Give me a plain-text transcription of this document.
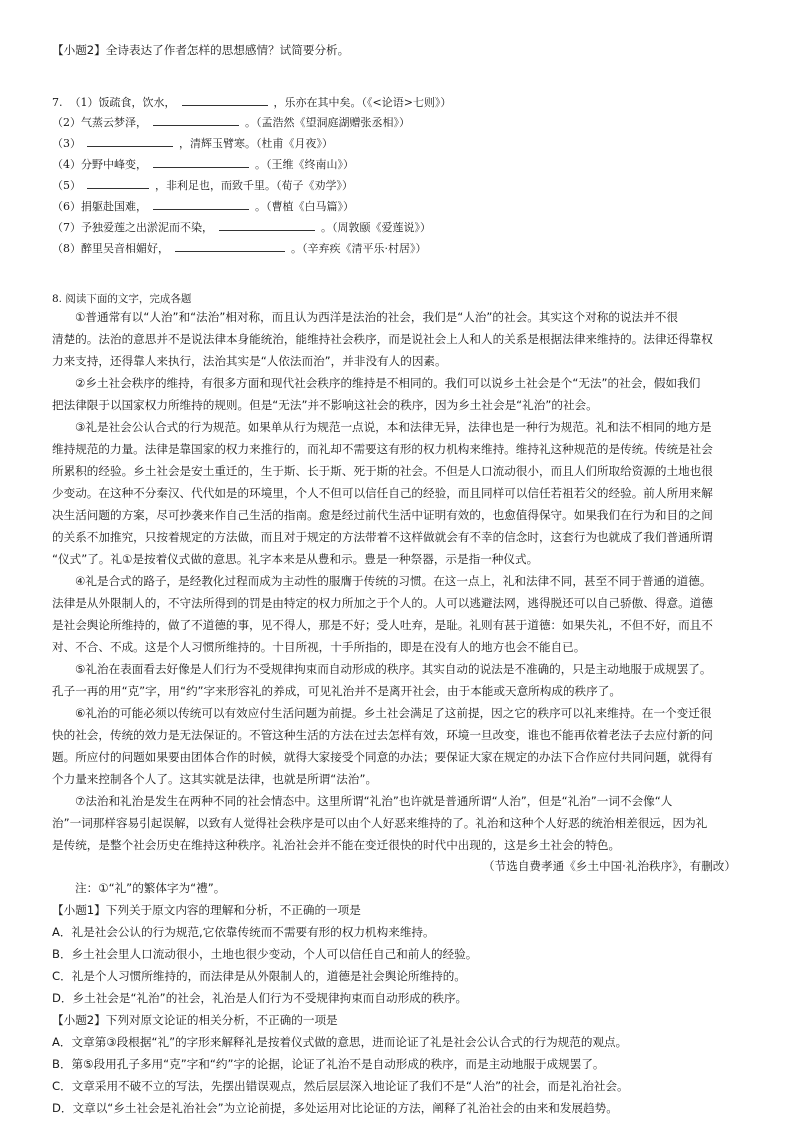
【小题2】全诗表达了作者怎样的思想感情？试简要分析。
7. （1）饭疏食，饮水，	，乐亦在其中矣。（《<论语>七则》）
（2）气蒸云梦泽，	。（孟浩然《望洞庭湖赠张丞相》）
（3）	，清辉玉臂寒。（杜甫《月夜》）
（4）分野中峰变，	。（王维《终南山》）
（5）	，非利足也，而致千里。（荀子《劝学》）
（6）捐躯赴国难，	。（曹植《白马篇》）
（7）予独爱莲之出淤泥而不染，	。（周敦颐《爱莲说》）
（8）醉里吴音相媚好，	。（辛弃疾《清平乐·村居》）
8. 阅读下面的文字，完成各题
①普通常有以“人治”和“法治”相对称，而且认为西洋是法治的社会，我们是“人治”的社会。其实这个对称的说法并不很
清楚的。法治的意思并不是说法律本身能统治，能维持社会秩序，而是说社会上人和人的关系是根据法律来维持的。法律还得靠权
力来支持，还得靠人来执行，法治其实是“人依法而治”，并非没有人的因素。
②乡土社会秩序的维持，有很多方面和现代社会秩序的维持是不相同的。我们可以说乡土社会是个“无法”的社会，假如我们
把法律限于以国家权力所维持的规则。但是“无法”并不影响这社会的秩序，因为乡土社会是“礼治”的社会。
③礼是社会公认合式的行为规范。如果单从行为规范一点说，本和法律无异，法律也是一种行为规范。礼和法不相同的地方是
维持规范的力量。法律是靠国家的权力来推行的，而礼却不需要这有形的权力机构来维持。维持礼这种规范的是传统。传统是社会
所累积的经验。乡土社会是安土重迁的，生于斯、长于斯、死于斯的社会。不但是人口流动很小，而且人们所取给资源的土地也很
少变动。在这种不分秦汉、代代如是的环境里，个人不但可以信任自己的经验，而且同样可以信任若祖若父的经验。前人所用来解
决生活问题的方案，尽可抄袭来作自己生活的指南。愈是经过前代生活中证明有效的，也愈值得保守。如果我们在行为和目的之间
的关系不加推究，只按着规定的方法做，而且对于规定的方法带着不这样做就会有不幸的信念时，这套行为也就成了我们普通所谓
“仪式”了。礼①是按着仪式做的意思。礼字本来是从豊和示。豊是一种祭器，示是指一种仪式。
④礼是合式的路子，是经教化过程而成为主动性的服膺于传统的习惯。在这一点上，礼和法律不同，甚至不同于普通的道德。
法律是从外限制人的，不守法所得到的罚是由特定的权力所加之于个人的。人可以逃避法网，逃得脱还可以自己骄傲、得意。道德
是社会舆论所维持的，做了不道德的事，见不得人，那是不好；受人吐弃，是耻。礼则有甚于道德：如果失礼，不但不好，而且不
对、不合、不成。这是个人习惯所维持的。十目所视，十手所指的，即是在没有人的地方也会不能自已。
⑤礼治在表面看去好像是人们行为不受规律拘束而自动形成的秩序。其实自动的说法是不准确的，只是主动地服于成规罢了。
孔子一再的用“克”字，用“约”字来形容礼的养成，可见礼治并不是离开社会，由于本能或天意所构成的秩序了。
⑥礼治的可能必须以传统可以有效应付生活问题为前提。乡土社会满足了这前提，因之它的秩序可以礼来维持。在一个变迁很
快的社会，传统的效力是无法保证的。不管这种生活的方法在过去怎样有效，环境一旦改变，谁也不能再依着老法子去应付新的问
题。所应付的问题如果要由团体合作的时候，就得大家接受个同意的办法；要保证大家在规定的办法下合作应付共同问题，就得有
个力量来控制各个人了。这其实就是法律，也就是所谓“法治”。
⑦法治和礼治是发生在两种不同的社会情态中。这里所谓“礼治”也许就是普通所谓“人治”，但是“礼治”一词不会像“人
治”一词那样容易引起误解，以致有人觉得社会秩序是可以由个人好恶来维持的了。礼治和这种个人好恶的统治相差很远，因为礼
是传统，是整个社会历史在维持这种秩序。礼治社会并不能在变迁很快的时代中出现的，这是乡土社会的特色。
（节选自费孝通《乡土中国·礼治秩序》，有删改）
注：①“礼”的繁体字为“禮”。
【小题1】下列关于原文内容的理解和分析，不正确的一项是
A．礼是社会公认的行为规范,它依靠传统而不需要有形的权力机构来维持。
B．乡土社会里人口流动很小，土地也很少变动，个人可以信任自己和前人的经验。
C．礼是个人习惯所维持的，而法律是从外限制人的，道德是社会舆论所维持的。
D．乡土社会是“礼治”的社会，礼治是人们行为不受规律拘束而自动形成的秩序。
【小题2】下列对原文论证的相关分析，不正确的一项是
A．文章第③段根据“礼”的字形来解释礼是按着仪式做的意思，进而论证了礼是社会公认合式的行为规范的观点。
B．第⑤段用孔子多用“克”字和“约”字的论据，论证了礼治不是自动形成的秩序，而是主动地服于成规罢了。
C．文章采用不破不立的写法，先摆出错误观点，然后层层深入地论证了我们不是“人治”的社会，而是礼治社会。
D．文章以“乡土社会是礼治社会”为立论前提，多处运用对比论证的方法，阐释了礼治社会的由来和发展趋势。
